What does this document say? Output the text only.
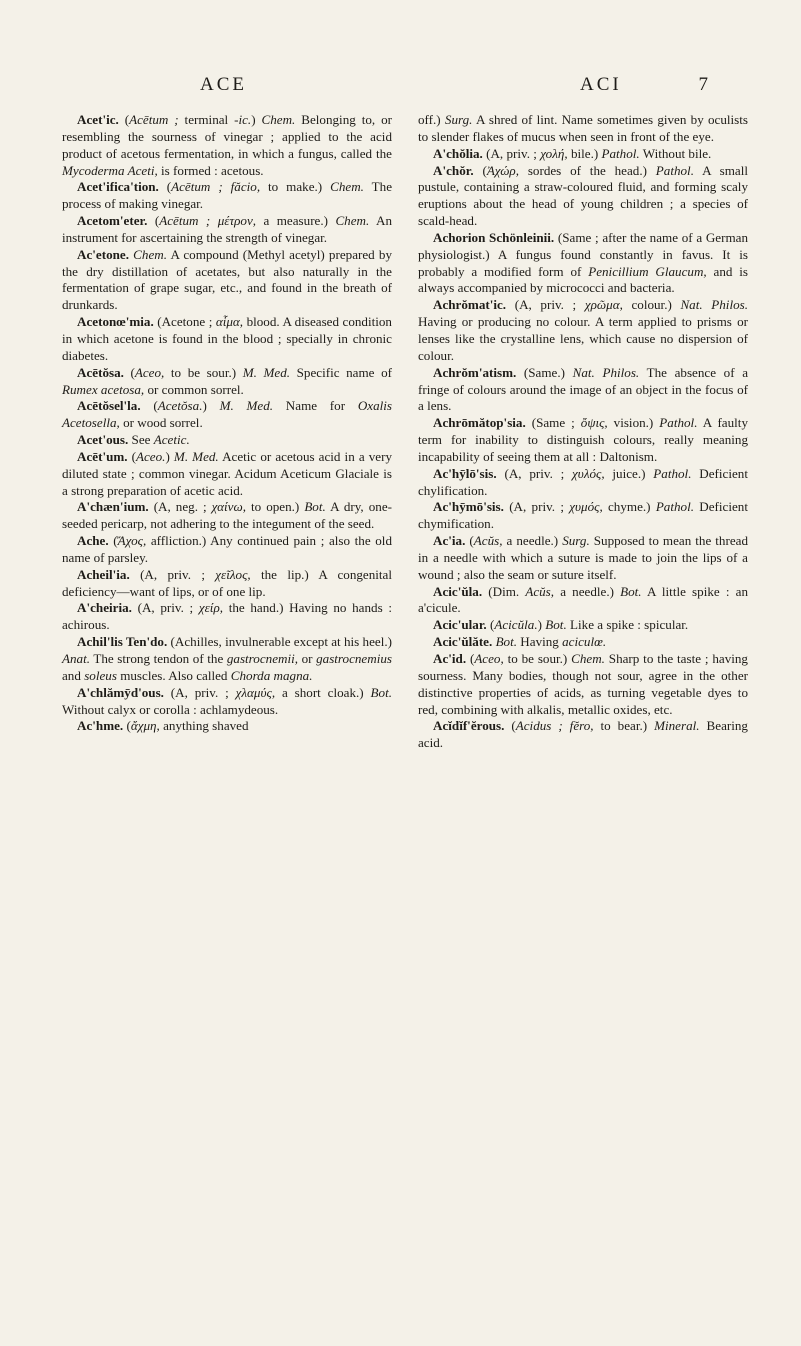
ACE	ACI	7

Acet'ic. (Acētum ; terminal -ic.) Chem. Belonging to, or resembling the sourness of vinegar ; applied to the acid product of acetous fermentation, in which a fungus, called the Mycoderma Aceti, is formed : acetous.

Acet'ifica'tion. (Acētum ; făcio, to make.) Chem. The process of making vinegar.

Acetom'eter. (Acētum ; μέτρον, a measure.) Chem. An instrument for ascertaining the strength of vinegar.

Ac'etone. Chem. A compound (Methyl acetyl) prepared by the dry distillation of acetates, but also naturally in the fermentation of grape sugar, etc., and found in the breath of drunkards.

Acetonœ'mia. (Acetone ; αἷμα, blood. A diseased condition in which acetone is found in the blood ; specially in chronic diabetes.

Acētŏsa. (Aceo, to be sour.) M. Med. Specific name of Rumex acetosa, or common sorrel.

Acētŏsel'la. (Acetŏsa.) M. Med. Name for Oxalis Acetosella, or wood sorrel.

Acet'ous. See Acetic.

Acēt'um. (Aceo.) M. Med. Acetic or acetous acid in a very diluted state ; common vinegar. Acidum Aceticum Glaciale is a strong preparation of acetic acid.

A'chæn'ium. (A, neg. ; χαίνω, to open.) Bot. A dry, one-seeded pericarp, not adhering to the integument of the seed.

Ache. (Ἄχος, affliction.) Any continued pain ; also the old name of parsley.

Acheil'ia. (A, priv. ; χεῖλος, the lip.) A congenital deficiency—want of lips, or of one lip.

A'cheiria. (A, priv. ; χείρ, the hand.) Having no hands : achirous.

Achil'lis Ten'do. (Achilles, invulnerable except at his heel.) Anat. The strong tendon of the gastrocnemii, or gastrocnemius and soleus muscles. Also called Chorda magna.

A'chlămȳd'ous. (A, priv. ; χλαμύς, a short cloak.) Bot. Without calyx or corolla : achlamydeous.

Ac'hme. (ἄχμη, anything shaved

off.) Surg. A shred of lint. Name sometimes given by oculists to slender flakes of mucus when seen in front of the eye.

A'chŏlia. (A, priv. ; χολή, bile.) Pathol. Without bile.

A'chŏr. (Ἀχώρ, sordes of the head.) Pathol. A small pustule, containing a straw-coloured fluid, and forming scaly eruptions about the head of young children ; a species of scald-head.

Achorion Schönleinii. (Same ; after the name of a German physiologist.) A fungus found constantly in favus. It is probably a modified form of Penicillium Glaucum, and is always accompanied by micrococci and bacteria.

Achrŏmat'ic. (A, priv. ; χρῶμα, colour.) Nat. Philos. Having or producing no colour. A term applied to prisms or lenses like the crystalline lens, which cause no dispersion of colour.

Achrŏm'atism. (Same.) Nat. Philos. The absence of a fringe of colours around the image of an object in the focus of a lens.

Achrōmătop'sia. (Same ; ὄψις, vision.) Pathol. A faulty term for inability to distinguish colours, really meaning incapability of seeing them at all : Daltonism.

Ac'hȳlō'sis. (A, priv. ; χυλός, juice.) Pathol. Deficient chylification.

Ac'hȳmō'sis. (A, priv. ; χυμός, chyme.) Pathol. Deficient chymification.

Ac'ia. (Acŭs, a needle.) Surg. Supposed to mean the thread in a needle with which a suture is made to join the lips of a wound ; also the seam or suture itself.

Acic'ŭla. (Dim. Acŭs, a needle.) Bot. A little spike : an a'cicule.

Acic'ular. (Acicŭla.) Bot. Like a spike : spicular.

Acic'ŭlăte. Bot. Having aciculœ.

Ac'id. (Aceo, to be sour.) Chem. Sharp to the taste ; having sourness. Many bodies, though not sour, agree in the other distinctive properties of acids, as turning vegetable dyes to red, combining with alkalis, metallic oxides, etc.

Acĭdĭf'ĕrous. (Acidus ; fĕro, to bear.) Mineral. Bearing acid.
